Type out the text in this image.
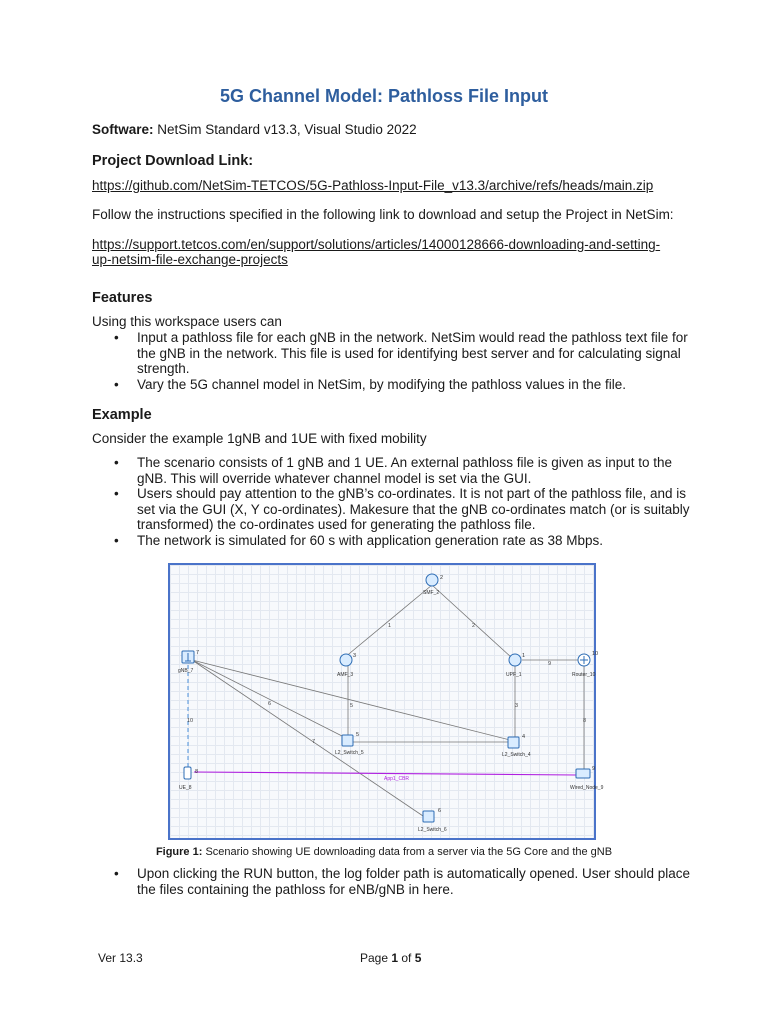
5G Channel Model: Pathloss File Input
Software: NetSim Standard v13.3, Visual Studio 2022
Project Download Link:
https://github.com/NetSim-TETCOS/5G-Pathloss-Input-File_v13.3/archive/refs/heads/main.zip
Follow the instructions specified in the following link to download and setup the Project in NetSim:
https://support.tetcos.com/en/support/solutions/articles/14000128666-downloading-and-setting-
up-netsim-file-exchange-projects
Features
Using this workspace users can
• Input a pathloss file for each gNB in the network. NetSim would read the pathloss text file for the gNB in the network. This file is used for identifying best server and for calculating signal strength.
• Vary the 5G channel model in NetSim, by modifying the pathloss values in the file.
Example
Consider the example 1gNB and 1UE with fixed mobility
• The scenario consists of 1 gNB and 1 UE. An external pathloss file is given as input to the gNB. This will override whatever channel model is set via the GUI.
• Users should pay attention to the gNB’s co-ordinates. It is not part of the pathloss file, and is set via the GUI (X, Y co-ordinates). Makesure that the gNB co-ordinates match (or is suitably transformed) the co-ordinates used for generating the pathloss file.
• The network is simulated for 60 s with application generation rate as 38 Mbps.
1	2
3
5
6
7
8
9
10
2
SMF_2
3
AMF_3
1
UPF_1
10
Router_10
7
gNB_7
5
L2_Switch_5
4
L2_Switch_4
8
UE_8
9
Wired_Node_9
6
L2_Switch_6
App1_CBR
Figure 1: Scenario showing UE downloading data from a server via the 5G Core and the gNB
• Upon clicking the RUN button, the log folder path is automatically opened. User should place the files containing the pathloss for eNB/gNB in here.
Ver 13.3	Page 1 of 5
